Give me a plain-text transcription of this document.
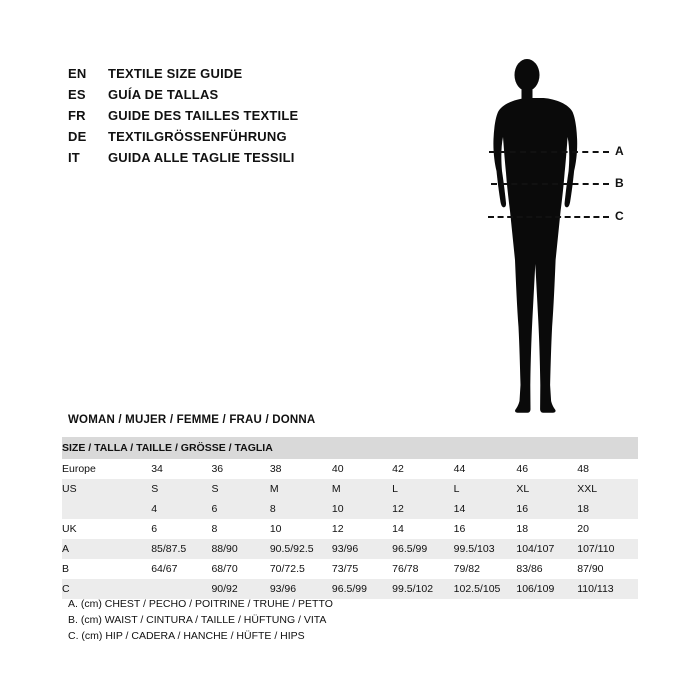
EN	TEXTILE SIZE GUIDE
ES	GUÍA DE TALLAS
FR	GUIDE DES TAILLES TEXTILE
DE	TEXTILGRÖSSENFÜHRUNG
IT	GUIDA ALLE TAGLIE TESSILI	A
B
C
WOMAN / MUJER / FEMME / FRAU / DONNA
SIZE / TALLA / TAILLE / GRÖSSE / TAGLIA								
Europe	34	36	38	40	42	44	46	48
US	S	S	M	M	L	L	XL	XXL
	4	6	8	10	12	14	16	18
UK	6	8	10	12	14	16	18	20
A	85/87.5	88/90	90.5/92.5	93/96	96.5/99	99.5/103	104/107	107/110
B	64/67	68/70	70/72.5	73/75	76/78	79/82	83/86	87/90
C		90/92	93/96	96.5/99	99.5/102	102.5/105	106/109	110/113
A. (cm) CHEST / PECHO / POITRINE / TRUHE / PETTO
B. (cm) WAIST / CINTURA / TAILLE / HÜFTUNG / VITA
C. (cm) HIP / CADERA / HANCHE / HÜFTE / HIPS
